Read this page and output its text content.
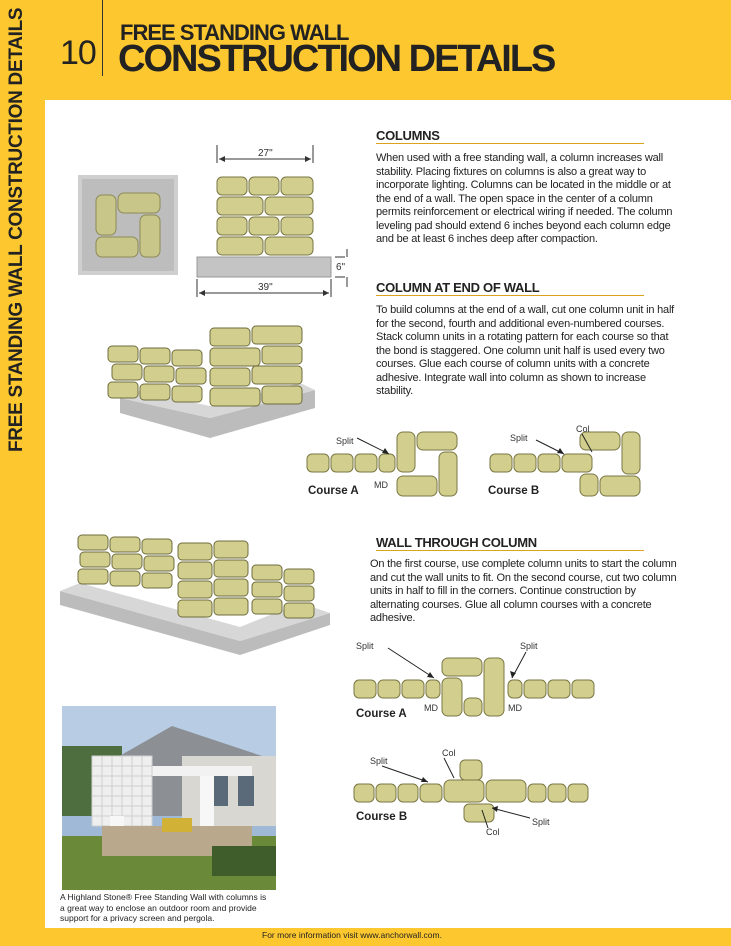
10
FREE STANDING WALL
CONSTRUCTION DETAILS
FREE STANDING WALL CONSTRUCTION DETAILS	COLUMNS
When used with a free standing wall, a column increases wall stability. Placing fixtures on columns is also a great way to incorporate lighting. Columns can be located in the middle or at the end of a wall. The open space in the center of a column permits reinforcement or electrical wiring if needed. The column leveling pad should extend 6 inches beyond each column edge and be at least 6 inches deep after compaction.
27"
6"
39"	COLUMN AT END OF WALL
To build columns at the end of a wall, cut one column unit in half for the second, fourth and additional even-numbered courses. Stack column units in a rotating pattern for each course so that the bond is staggered. One column unit half is used every two courses. Glue each course of column units with a concrete adhesive. Integrate wall into column as shown to increase stability.
Split
MD
Course A
Split
Col
Course B
WALL THROUGH COLUMN
On the first course, use complete column units to start the column and cut the wall units to fit. On the second course, cut two column units in half to fill in the corners. Continue construction by alternating courses. Glue all column courses with a concrete adhesive.
Split	Split
MD	MD
Course A
Split
Col
Split
Col
Course B
A Highland Stone® Free Standing Wall with columns is a great way to enclose an outdoor room and provide support for a privacy screen and pergola.
For more information visit www.anchorwall.com.
